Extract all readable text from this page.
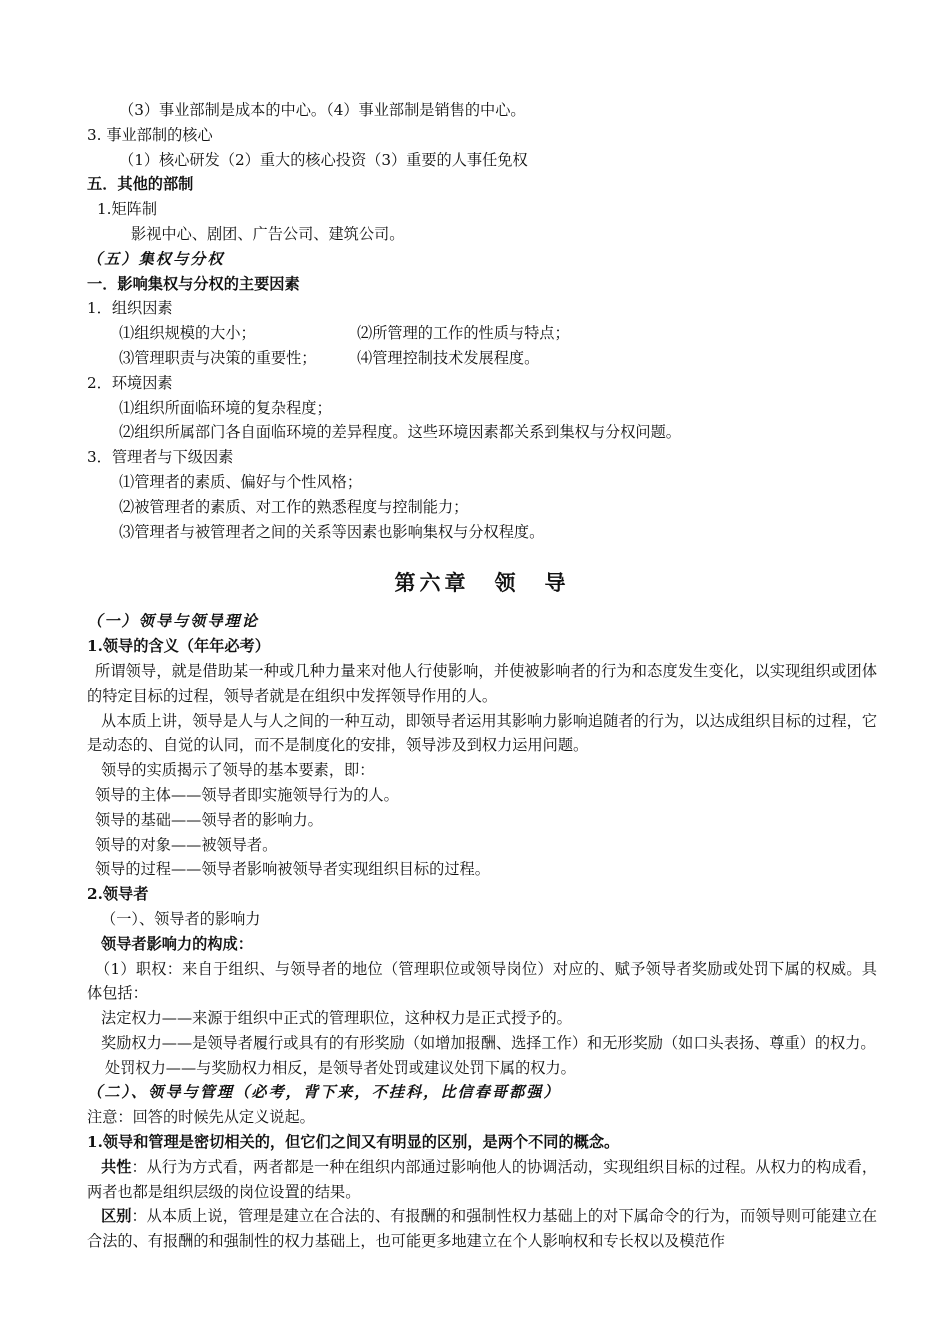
（3）事业部制是成本的中心。（4）事业部制是销售的中心。
3. 事业部制的核心
（1）核心研发（2）重大的核心投资（3）重要的人事任免权
五．其他的部制
1.矩阵制
影视中心、剧团、广告公司、建筑公司。
（五）集权与分权
一．影响集权与分权的主要因素
1．组织因素
⑴组织规模的大小；	⑵所管理的工作的性质与特点；
⑶管理职责与决策的重要性；	⑷管理控制技术发展程度。
2．环境因素
⑴组织所面临环境的复杂程度；
⑵组织所属部门各自面临环境的差异程度。这些环境因素都关系到集权与分权问题。
3．管理者与下级因素
⑴管理者的素质、偏好与个性风格；
⑵被管理者的素质、对工作的熟悉程度与控制能力；
⑶管理者与被管理者之间的关系等因素也影响集权与分权程度。
第六章　领　导
（一）领导与领导理论
1.领导的含义（年年必考）
所谓领导，就是借助某一种或几种力量来对他人行使影响，并使被影响者的行为和态度发生变化，以实现组织或团体的特定目标的过程，领导者就是在组织中发挥领导作用的人。
从本质上讲，领导是人与人之间的一种互动，即领导者运用其影响力影响追随者的行为，以达成组织目标的过程，它是动态的、自觉的认同，而不是制度化的安排，领导涉及到权力运用问题。
领导的实质揭示了领导的基本要素，即：
领导的主体——领导者即实施领导行为的人。
领导的基础——领导者的影响力。
领导的对象——被领导者。
领导的过程——领导者影响被领导者实现组织目标的过程。
2.领导者
（一）、领导者的影响力
领导者影响力的构成：
（1）职权：来自于组织、与领导者的地位（管理职位或领导岗位）对应的、赋予领导者奖励或处罚下属的权威。具体包括：
法定权力——来源于组织中正式的管理职位，这种权力是正式授予的。
奖励权力——是领导者履行或具有的有形奖励（如增加报酬、选择工作）和无形奖励（如口头表扬、尊重）的权力。
处罚权力——与奖励权力相反，是领导者处罚或建议处罚下属的权力。
（二）、领导与管理（必考，背下来，不挂科，比信春哥都强）
注意：回答的时候先从定义说起。
1.领导和管理是密切相关的，但它们之间又有明显的区别，是两个不同的概念。
共性：从行为方式看，两者都是一种在组织内部通过影响他人的协调活动，实现组织目标的过程。从权力的构成看，两者也都是组织层级的岗位设置的结果。
区别：从本质上说，管理是建立在合法的、有报酬的和强制性权力基础上的对下属命令的行为，而领导则可能建立在合法的、有报酬的和强制性的权力基础上，也可能更多地建立在个人影响权和专长权以及模范作
